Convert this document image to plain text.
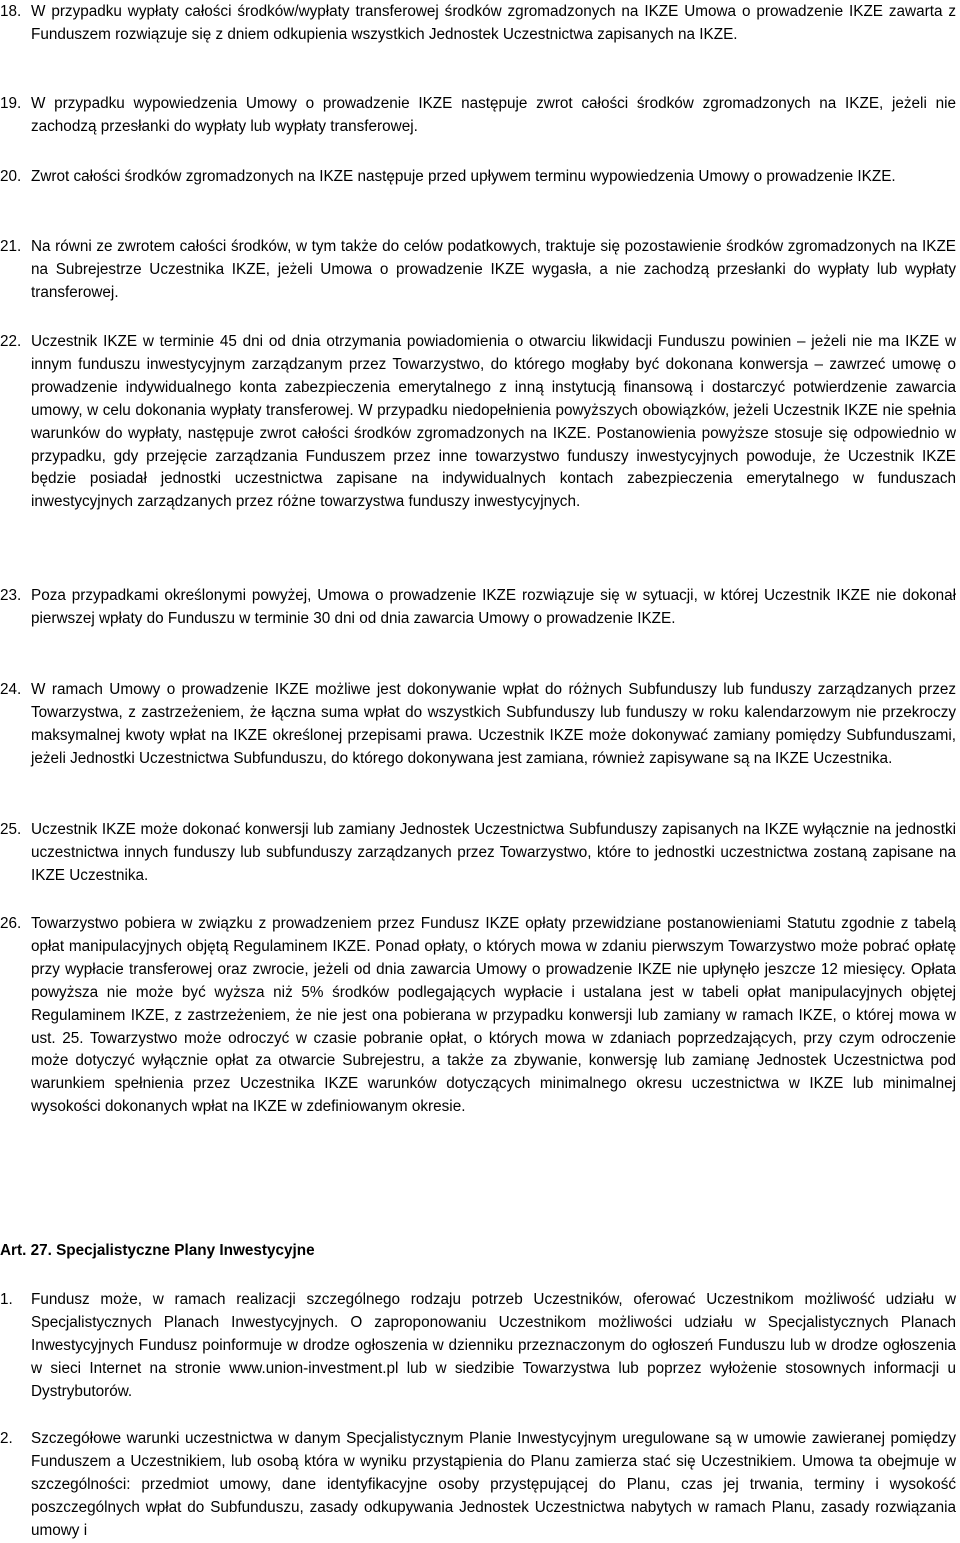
18. W przypadku wypłaty całości środków/wypłaty transferowej środków zgromadzonych na IKZE Umowa o prowadzenie IKZE zawarta z Funduszem rozwiązuje się z dniem odkupienia wszystkich Jednostek Uczestnictwa zapisanych na IKZE.
19. W przypadku wypowiedzenia Umowy o prowadzenie IKZE następuje zwrot całości środków zgromadzonych na IKZE, jeżeli nie zachodzą przesłanki do wypłaty lub wypłaty transferowej.
20. Zwrot całości środków zgromadzonych na IKZE następuje przed upływem terminu wypowiedzenia Umowy o prowadzenie IKZE.
21. Na równi ze zwrotem całości środków, w tym także do celów podatkowych, traktuje się pozostawienie środków zgromadzonych na IKZE na Subrejestrze Uczestnika IKZE, jeżeli Umowa o prowadzenie IKZE wygasła, a nie zachodzą przesłanki do wypłaty lub wypłaty transferowej.
22. Uczestnik IKZE w terminie 45 dni od dnia otrzymania powiadomienia o otwarciu likwidacji Funduszu powinien – jeżeli nie ma IKZE w innym funduszu inwestycyjnym zarządzanym przez Towarzystwo, do którego mogłaby być dokonana konwersja – zawrzeć umowę o prowadzenie indywidualnego konta zabezpieczenia emerytalnego z inną instytucją finansową i dostarczyć potwierdzenie zawarcia umowy, w celu dokonania wypłaty transferowej. W przypadku niedopełnienia powyższych obowiązków, jeżeli Uczestnik IKZE nie spełnia warunków do wypłaty, następuje zwrot całości środków zgromadzonych na IKZE. Postanowienia powyższe stosuje się odpowiednio w przypadku, gdy przejęcie zarządzania Funduszem przez inne towarzystwo funduszy inwestycyjnych powoduje, że Uczestnik IKZE będzie posiadał jednostki uczestnictwa zapisane na indywidualnych kontach zabezpieczenia emerytalnego w funduszach inwestycyjnych zarządzanych przez różne towarzystwa funduszy inwestycyjnych.
23. Poza przypadkami określonymi powyżej, Umowa o prowadzenie IKZE rozwiązuje się w sytuacji, w której Uczestnik IKZE nie dokonał pierwszej wpłaty do Funduszu w terminie 30 dni od dnia zawarcia Umowy o prowadzenie IKZE.
24. W ramach Umowy o prowadzenie IKZE możliwe jest dokonywanie wpłat do różnych Subfunduszy lub funduszy zarządzanych przez Towarzystwa, z zastrzeżeniem, że łączna suma wpłat do wszystkich Subfunduszy lub funduszy w roku kalendarzowym nie przekroczy maksymalnej kwoty wpłat na IKZE określonej przepisami prawa. Uczestnik IKZE może dokonywać zamiany pomiędzy Subfunduszami, jeżeli Jednostki Uczestnictwa Subfunduszu, do którego dokonywana jest zamiana, również zapisywane są na IKZE Uczestnika.
25. Uczestnik IKZE może dokonać konwersji lub zamiany Jednostek Uczestnictwa Subfunduszy zapisanych na IKZE wyłącznie na jednostki uczestnictwa innych funduszy lub subfunduszy zarządzanych przez Towarzystwo, które to jednostki uczestnictwa zostaną zapisane na IKZE Uczestnika.
26. Towarzystwo pobiera w związku z prowadzeniem przez Fundusz IKZE opłaty przewidziane postanowieniami Statutu zgodnie z tabelą opłat manipulacyjnych objętą Regulaminem IKZE. Ponad opłaty, o których mowa w zdaniu pierwszym Towarzystwo może pobrać opłatę przy wypłacie transferowej oraz zwrocie, jeżeli od dnia zawarcia Umowy o prowadzenie IKZE nie upłynęło jeszcze 12 miesięcy. Opłata powyższa nie może być wyższa niż 5% środków podlegających wypłacie i ustalana jest w tabeli opłat manipulacyjnych objętej Regulaminem IKZE, z zastrzeżeniem, że nie jest ona pobierana w przypadku konwersji lub zamiany w ramach IKZE, o której mowa w ust. 25. Towarzystwo może odroczyć w czasie pobranie opłat, o których mowa w zdaniach poprzedzających, przy czym odroczenie może dotyczyć wyłącznie opłat za otwarcie Subrejestru, a także za zbywanie, konwersję lub zamianę Jednostek Uczestnictwa pod warunkiem spełnienia przez Uczestnika IKZE warunków dotyczących minimalnego okresu uczestnictwa w IKZE lub minimalnej wysokości dokonanych wpłat na IKZE w zdefiniowanym okresie.
Art. 27. Specjalistyczne Plany Inwestycyjne
1.	Fundusz może, w ramach realizacji szczególnego rodzaju potrzeb Uczestników, oferować Uczestnikom możliwość udziału w Specjalistycznych Planach Inwestycyjnych. O zaproponowaniu Uczestnikom możliwości udziału w Specjalistycznych Planach Inwestycyjnych Fundusz poinformuje w drodze ogłoszenia w dzienniku przeznaczonym do ogłoszeń Funduszu lub w drodze ogłoszenia w sieci Internet na stronie www.union-investment.pl lub w siedzibie Towarzystwa lub poprzez wyłożenie stosownych informacji u Dystrybutorów.
2.	Szczegółowe warunki uczestnictwa w danym Specjalistycznym Planie Inwestycyjnym uregulowane są w umowie zawieranej pomiędzy Funduszem a Uczestnikiem, lub osobą która w wyniku przystąpienia do Planu zamierza stać się Uczestnikiem. Umowa ta obejmuje w szczególności: przedmiot umowy, dane identyfikacyjne osoby przystępującej do Planu, czas jej trwania, terminy i wysokość poszczególnych wpłat do Subfunduszu, zasady odkupywania Jednostek Uczestnictwa nabytych w ramach Planu, zasady rozwiązania umowy i
